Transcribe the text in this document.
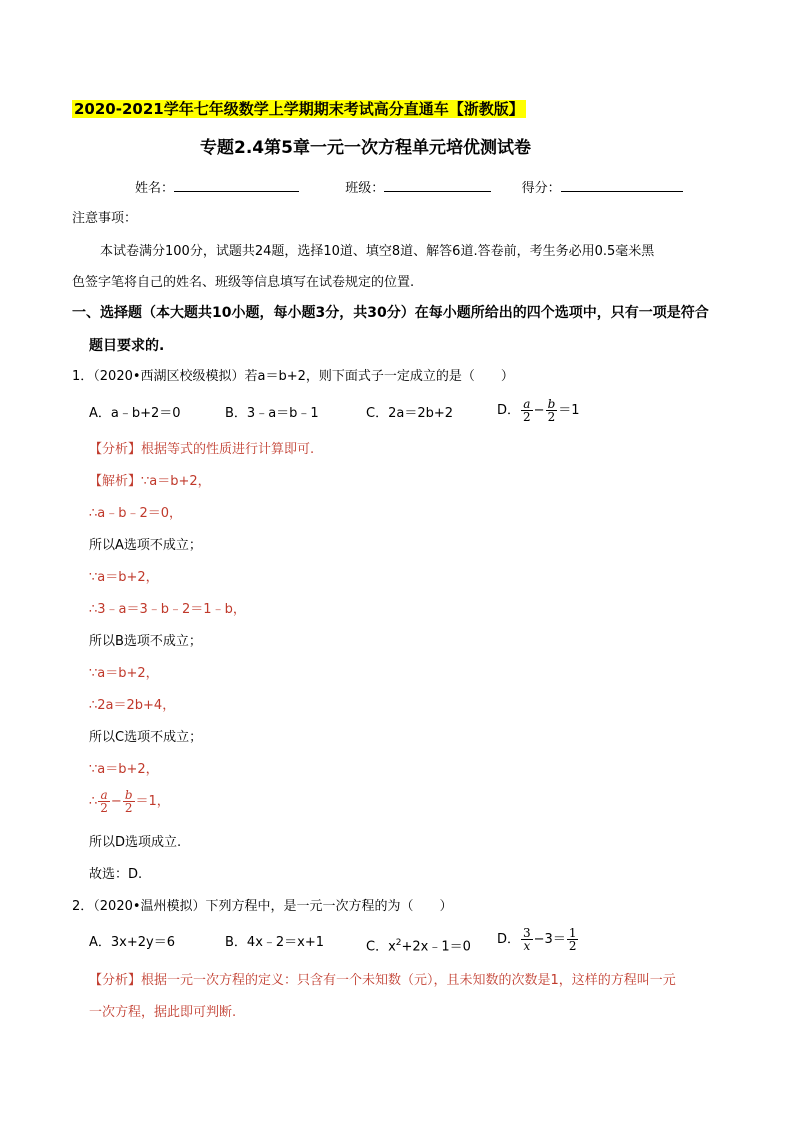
2020-2021学年七年级数学上学期期末考试高分直通车【浙教版】
专题2.4第5章一元一次方程单元培优测试卷
姓名：	班级：	得分：
注意事项：
本试卷满分100分，试题共24题，选择10道、填空8道、解答6道.答卷前，考生务必用0.5毫米黑
色签字笔将自己的姓名、班级等信息填写在试卷规定的位置.
一、选择题（本大题共10小题，每小题3分，共30分）在每小题所给出的四个选项中，只有一项是符合
题目要求的.
1．（2020•西湖区校级模拟）若a＝b+2，则下面式子一定成立的是（　　）
A．a﹣b+2＝0	B．3﹣a＝b﹣1	C．2a＝2b+2	D． $\frac{a}{2} - \frac{b}{2} =1$
【分析】根据等式的性质进行计算即可.
【解析】∵a＝b+2，
∴a﹣b﹣2＝0，
所以A选项不成立；
∵a＝b+2，
∴3﹣a＝3﹣b﹣2＝1﹣b，
所以B选项不成立；
∵a＝b+2，
∴2a＝2b+4，
所以C选项不成立；
∵a＝b+2，
∴ $\frac{a}{2} - \frac{b}{2} =1$，
所以D选项成立.
故选：D.
2．（2020•温州模拟）下列方程中，是一元一次方程的为（　　）
A．3x+2y＝6	B．4x﹣2＝x+1	C．$x^2+2x﹣1=0$ D． $\frac{3}{x} -3= \frac{1}{2}$
【分析】根据一元一次方程的定义：只含有一个未知数（元），且未知数的次数是1，这样的方程叫一元
一次方程，据此即可判断.
